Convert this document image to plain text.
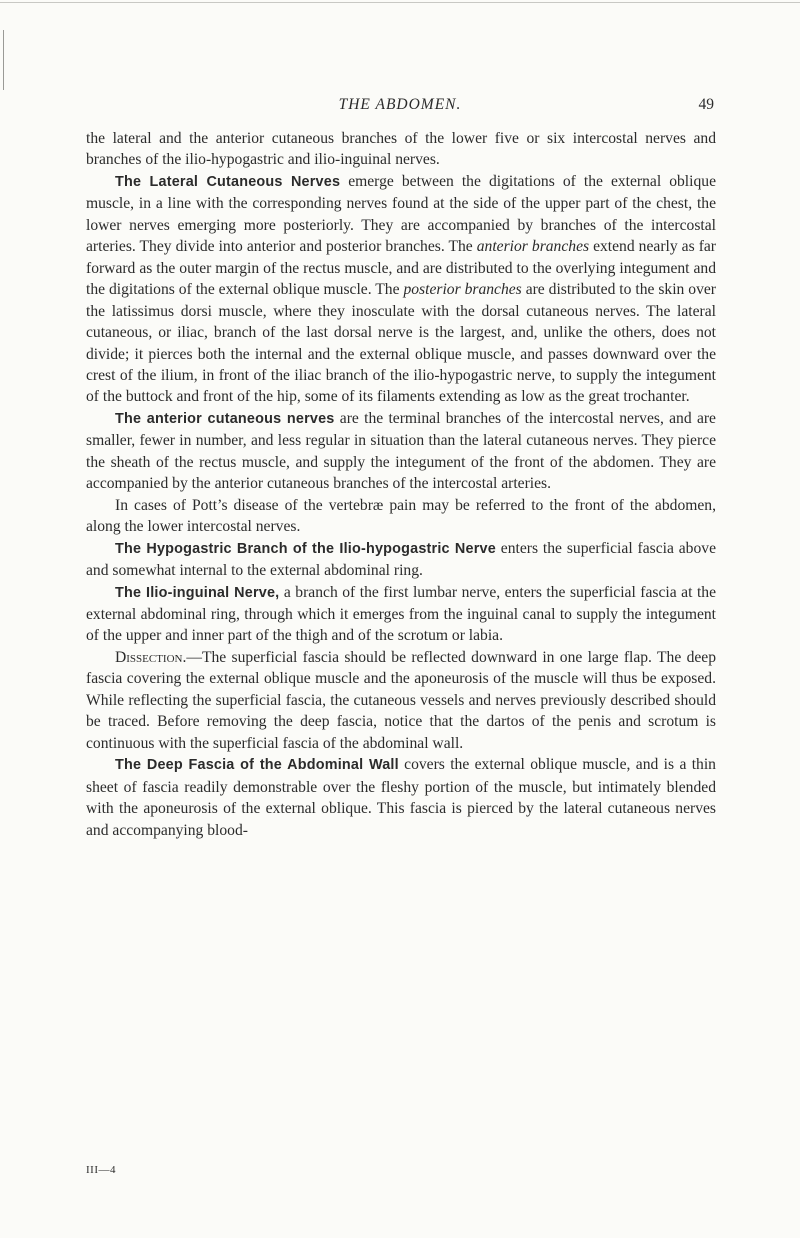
THE ABDOMEN.	49

the lateral and the anterior cutaneous branches of the lower five or six intercostal nerves and branches of the ilio-hypogastric and ilio-inguinal nerves.

The Lateral Cutaneous Nerves emerge between the digitations of the external oblique muscle, in a line with the corresponding nerves found at the side of the upper part of the chest, the lower nerves emerging more posteriorly. They are accompanied by branches of the intercostal arteries. They divide into anterior and posterior branches. The anterior branches extend nearly as far forward as the outer margin of the rectus muscle, and are distributed to the overlying integument and the digitations of the external oblique muscle. The posterior branches are distributed to the skin over the latissimus dorsi muscle, where they inosculate with the dorsal cutaneous nerves. The lateral cutaneous, or iliac, branch of the last dorsal nerve is the largest, and, unlike the others, does not divide; it pierces both the internal and the external oblique muscle, and passes downward over the crest of the ilium, in front of the iliac branch of the ilio-hypogastric nerve, to supply the integument of the buttock and front of the hip, some of its filaments extending as low as the great trochanter.

The anterior cutaneous nerves are the terminal branches of the intercostal nerves, and are smaller, fewer in number, and less regular in situation than the lateral cutaneous nerves. They pierce the sheath of the rectus muscle, and supply the integument of the front of the abdomen. They are accompanied by the anterior cutaneous branches of the intercostal arteries.

In cases of Pott’s disease of the vertebræ pain may be referred to the front of the abdomen, along the lower intercostal nerves.

The Hypogastric Branch of the Ilio-hypogastric Nerve enters the superficial fascia above and somewhat internal to the external abdominal ring.

The Ilio-inguinal Nerve, a branch of the first lumbar nerve, enters the superficial fascia at the external abdominal ring, through which it emerges from the inguinal canal to supply the integument of the upper and inner part of the thigh and of the scrotum or labia.

Dissection.—The superficial fascia should be reflected downward in one large flap. The deep fascia covering the external oblique muscle and the aponeurosis of the muscle will thus be exposed. While reflecting the superficial fascia, the cutaneous vessels and nerves previously described should be traced. Before removing the deep fascia, notice that the dartos of the penis and scrotum is continuous with the superficial fascia of the abdominal wall.

The Deep Fascia of the Abdominal Wall covers the external oblique muscle, and is a thin sheet of fascia readily demonstrable over the fleshy portion of the muscle, but intimately blended with the aponeurosis of the external oblique. This fascia is pierced by the lateral cutaneous nerves and accompanying blood-

III—4
